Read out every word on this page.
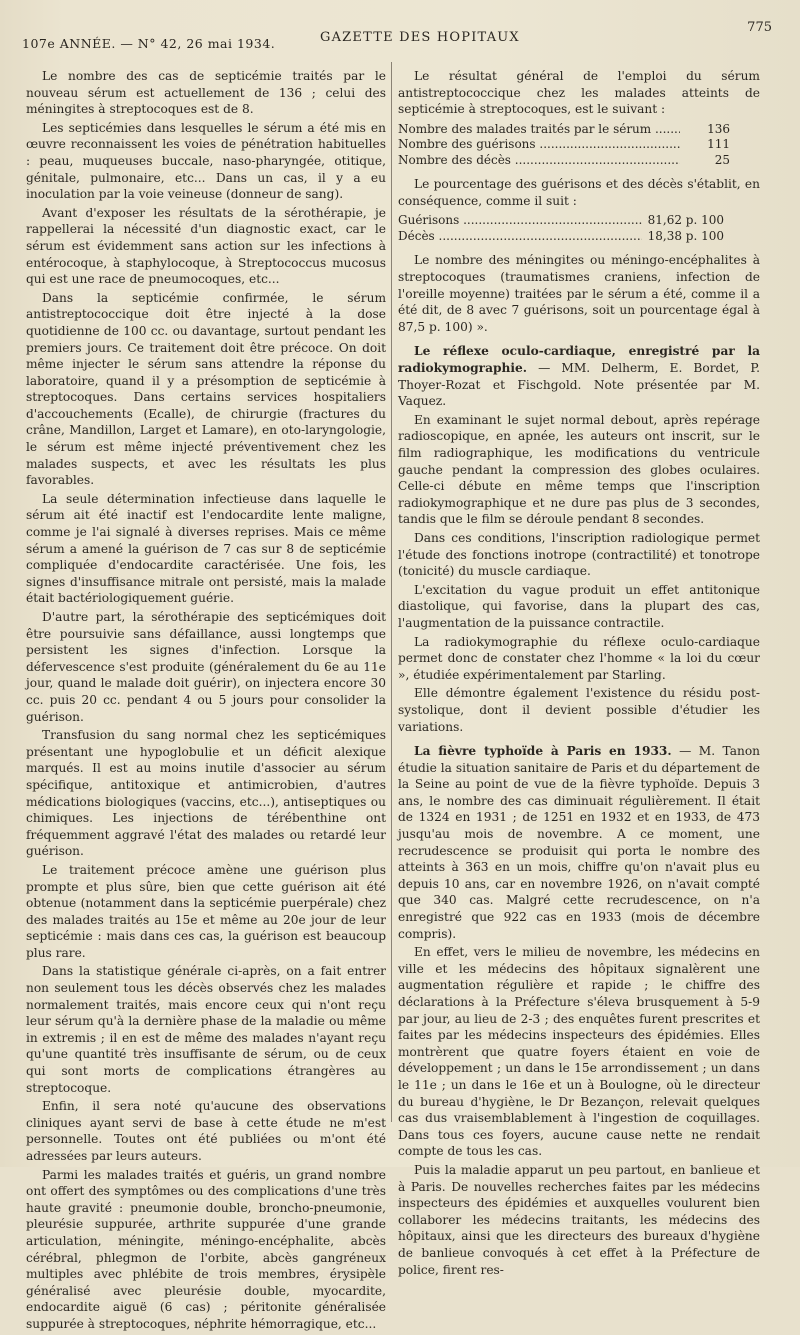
107e ANNÉE. — N° 42, 26 mai 1934.	GAZETTE DES HOPITAUX
775

Le nombre des cas de septicémie traités par le nouveau sérum est actuellement de 136 ; celui des méningites à streptocoques est de 8.

Les septicémies dans lesquelles le sérum a été mis en œuvre reconnaissent les voies de pénétration habituelles : peau, muqueuses buccale, naso-pharyngée, otitique, génitale, pulmonaire, etc... Dans un cas, il y a eu inoculation par la voie veineuse (donneur de sang).

Avant d'exposer les résultats de la sérothérapie, je rappellerai la nécessité d'un diagnostic exact, car le sérum est évidemment sans action sur les infections à entérocoque, à staphylocoque, à Streptococcus mucosus qui est une race de pneumocoques, etc...

Dans la septicémie confirmée, le sérum antistreptococcique doit être injecté à la dose quotidienne de 100 cc. ou davantage, surtout pendant les premiers jours. Ce traitement doit être précoce. On doit même injecter le sérum sans attendre la réponse du laboratoire, quand il y a présomption de septicémie à streptocoques. Dans certains services hospitaliers d'accouchements (Ecalle), de chirurgie (fractures du crâne, Mandillon, Larget et Lamare), en oto-laryngologie, le sérum est même injecté préventivement chez les malades suspects, et avec les résultats les plus favorables.

La seule détermination infectieuse dans laquelle le sérum ait été inactif est l'endocardite lente maligne, comme je l'ai signalé à diverses reprises. Mais ce même sérum a amené la guérison de 7 cas sur 8 de septicémie compliquée d'endocardite caractérisée. Une fois, les signes d'insuffisance mitrale ont persisté, mais la malade était bactériologiquement guérie.

D'autre part, la sérothérapie des septicémiques doit être poursuivie sans défaillance, aussi longtemps que persistent les signes d'infection. Lorsque la défervescence s'est produite (généralement du 6e au 11e jour, quand le malade doit guérir), on injectera encore 30 cc. puis 20 cc. pendant 4 ou 5 jours pour consolider la guérison.

Transfusion du sang normal chez les septicémiques présentant une hypoglobulie et un déficit alexique marqués. Il est au moins inutile d'associer au sérum spécifique, antitoxique et antimicrobien, d'autres médications biologiques (vaccins, etc...), antiseptiques ou chimiques. Les injections de térébenthine ont fréquemment aggravé l'état des malades ou retardé leur guérison.

Le traitement précoce amène une guérison plus prompte et plus sûre, bien que cette guérison ait été obtenue (notamment dans la septicémie puerpérale) chez des malades traités au 15e et même au 20e jour de leur septicémie : mais dans ces cas, la guérison est beaucoup plus rare.

Dans la statistique générale ci-après, on a fait entrer non seulement tous les décès observés chez les malades normalement traités, mais encore ceux qui n'ont reçu leur sérum qu'à la dernière phase de la maladie ou même in extremis ; il en est de même des malades n'ayant reçu qu'une quantité très insuffisante de sérum, ou de ceux qui sont morts de complications étrangères au streptocoque.

Enfin, il sera noté qu'aucune des observations cliniques ayant servi de base à cette étude ne m'est personnelle. Toutes ont été publiées ou m'ont été adressées par leurs auteurs.

Parmi les malades traités et guéris, un grand nombre ont offert des symptômes ou des complications d'une très haute gravité : pneumonie double, broncho-pneumonie, pleurésie suppurée, arthrite suppurée d'une grande articulation, méningite, méningo-encéphalite, abcès cérébral, phlegmon de l'orbite, abcès gangréneux multiples avec phlébite de trois membres, érysipèle généralisé avec pleurésie double, myocardite, endocardite aiguë (6 cas) ; péritonite généralisée suppurée à streptocoques, néphrite hémorragique, etc...

Le résultat général de l'emploi du sérum antistreptococcique chez les malades atteints de septicémie à streptocoques, est le suivant :

Nombre des malades traités par le sérum .....	136
Nombre des guérisons .....	111
Nombre des décès .....	25

Le pourcentage des guérisons et des décès s'établit, en conséquence, comme il suit :

Guérisons .....	81,62 p. 100
Décès .....	18,38 p. 100

Le nombre des méningites ou méningo-encéphalites à streptocoques (traumatismes craniens, infection de l'oreille moyenne) traitées par le sérum a été, comme il a été dit, de 8 avec 7 guérisons, soit un pourcentage égal à 87,5 p. 100) ».

Le réflexe oculo-cardiaque, enregistré par la radiokymographie. — MM. Delherm, E. Bordet, P. Thoyer-Rozat et Fischgold. Note présentée par M. Vaquez.

En examinant le sujet normal debout, après repérage radioscopique, en apnée, les auteurs ont inscrit, sur le film radiographique, les modifications du ventricule gauche pendant la compression des globes oculaires. Celle-ci débute en même temps que l'inscription radiokymographique et ne dure pas plus de 3 secondes, tandis que le film se déroule pendant 8 secondes.

Dans ces conditions, l'inscription radiologique permet l'étude des fonctions inotrope (contractilité) et tonotrope (tonicité) du muscle cardiaque.

L'excitation du vague produit un effet antitonique diastolique, qui favorise, dans la plupart des cas, l'augmentation de la puissance contractile.

La radiokymographie du réflexe oculo-cardiaque permet donc de constater chez l'homme « la loi du cœur », étudiée expérimentalement par Starling.

Elle démontre également l'existence du résidu post-systolique, dont il devient possible d'étudier les variations.

La fièvre typhoïde à Paris en 1933. — M. Tanon étudie la situation sanitaire de Paris et du département de la Seine au point de vue de la fièvre typhoïde. Depuis 3 ans, le nombre des cas diminuait régulièrement. Il était de 1324 en 1931 ; de 1251 en 1932 et en 1933, de 473 jusqu'au mois de novembre. A ce moment, une recrudescence se produisit qui porta le nombre des atteints à 363 en un mois, chiffre qu'on n'avait plus eu depuis 10 ans, car en novembre 1926, on n'avait compté que 340 cas. Malgré cette recrudescence, on n'a enregistré que 922 cas en 1933 (mois de décembre compris).

En effet, vers le milieu de novembre, les médecins en ville et les médecins des hôpitaux signalèrent une augmentation régulière et rapide ; le chiffre des déclarations à la Préfecture s'éleva brusquement à 5-9 par jour, au lieu de 2-3 ; des enquêtes furent prescrites et faites par les médecins inspecteurs des épidémies. Elles montrèrent que quatre foyers étaient en voie de développement ; un dans le 15e arrondissement ; un dans le 11e ; un dans le 16e et un à Boulogne, où le directeur du bureau d'hygiène, le Dr Bezançon, relevait quelques cas dus vraisemblablement à l'ingestion de coquillages. Dans tous ces foyers, aucune cause nette ne rendait compte de tous les cas.

Puis la maladie apparut un peu partout, en banlieue et à Paris. De nouvelles recherches faites par les médecins inspecteurs des épidémies et auxquelles voulurent bien collaborer les médecins traitants, les médecins des hôpitaux, ainsi que les directeurs des bureaux d'hygiène de banlieue convoqués à cet effet à la Préfecture de police, firent res-
